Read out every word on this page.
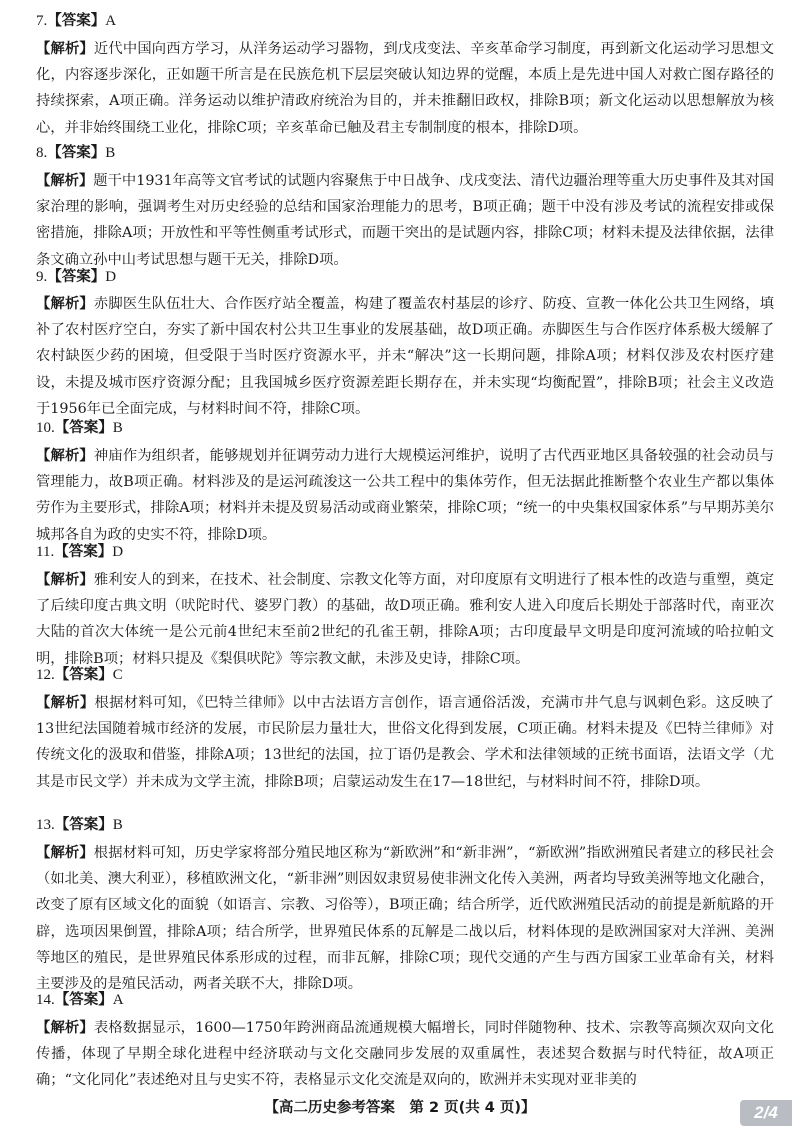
7.【答案】A
【解析】近代中国向西方学习，从洋务运动学习器物，到戊戌变法、辛亥革命学习制度，再到新文化运动学习思想文化，内容逐步深化，正如题干所言是在民族危机下层层突破认知边界的觉醒，本质上是先进中国人对救亡图存路径的持续探索，A项正确。洋务运动以维护清政府统治为目的，并未推翻旧政权，排除B项；新文化运动以思想解放为核心，并非始终围绕工业化，排除C项；辛亥革命已触及君主专制制度的根本，排除D项。
8.【答案】B
【解析】题干中1931年高等文官考试的试题内容聚焦于中日战争、戊戌变法、清代边疆治理等重大历史事件及其对国家治理的影响，强调考生对历史经验的总结和国家治理能力的思考，B项正确；题干中没有涉及考试的流程安排或保密措施，排除A项；开放性和平等性侧重考试形式，而题干突出的是试题内容，排除C项；材料未提及法律依据，法律条文确立孙中山考试思想与题干无关，排除D项。
9.【答案】D
【解析】赤脚医生队伍壮大、合作医疗站全覆盖，构建了覆盖农村基层的诊疗、防疫、宣教一体化公共卫生网络，填补了农村医疗空白，夯实了新中国农村公共卫生事业的发展基础，故D项正确。赤脚医生与合作医疗体系极大缓解了农村缺医少药的困境，但受限于当时医疗资源水平，并未“解决”这一长期问题，排除A项；材料仅涉及农村医疗建设，未提及城市医疗资源分配；且我国城乡医疗资源差距长期存在，并未实现“均衡配置”，排除B项；社会主义改造于1956年已全面完成，与材料时间不符，排除C项。
10.【答案】B
【解析】神庙作为组织者，能够规划并征调劳动力进行大规模运河维护，说明了古代西亚地区具备较强的社会动员与管理能力，故B项正确。材料涉及的是运河疏浚这一公共工程中的集体劳作，但无法据此推断整个农业生产都以集体劳作为主要形式，排除A项；材料并未提及贸易活动或商业繁荣，排除C项；“统一的中央集权国家体系”与早期苏美尔城邦各自为政的史实不符，排除D项。
11.【答案】D
【解析】雅利安人的到来，在技术、社会制度、宗教文化等方面，对印度原有文明进行了根本性的改造与重塑，奠定了后续印度古典文明（吠陀时代、婆罗门教）的基础，故D项正确。雅利安人进入印度后长期处于部落时代，南亚次大陆的首次大体统一是公元前4世纪末至前2世纪的孔雀王朝，排除A项；古印度最早文明是印度河流域的哈拉帕文明，排除B项；材料只提及《梨俱吠陀》等宗教文献，未涉及史诗，排除C项。
12.【答案】C
【解析】根据材料可知，《巴特兰律师》以中古法语方言创作，语言通俗活泼，充满市井气息与讽刺色彩。这反映了13世纪法国随着城市经济的发展，市民阶层力量壮大，世俗文化得到发展，C项正确。材料未提及《巴特兰律师》对传统文化的汲取和借鉴，排除A项；13世纪的法国，拉丁语仍是教会、学术和法律领域的正统书面语，法语文学（尤其是市民文学）并未成为文学主流，排除B项；启蒙运动发生在17—18世纪，与材料时间不符，排除D项。
13.【答案】B
【解析】根据材料可知，历史学家将部分殖民地区称为“新欧洲”和“新非洲”，“新欧洲”指欧洲殖民者建立的移民社会（如北美、澳大利亚），移植欧洲文化，“新非洲”则因奴隶贸易使非洲文化传入美洲，两者均导致美洲等地文化融合，改变了原有区域文化的面貌（如语言、宗教、习俗等），B项正确；结合所学，近代欧洲殖民活动的前提是新航路的开辟，选项因果倒置，排除A项；结合所学，世界殖民体系的瓦解是二战以后，材料体现的是欧洲国家对大洋洲、美洲等地区的殖民，是世界殖民体系形成的过程，而非瓦解，排除C项；现代交通的产生与西方国家工业革命有关，材料主要涉及的是殖民活动，两者关联不大，排除D项。
14.【答案】A
【解析】表格数据显示，1600—1750年跨洲商品流通规模大幅增长，同时伴随物种、技术、宗教等高频次双向文化传播，体现了早期全球化进程中经济联动与文化交融同步发展的双重属性，表述契合数据与时代特征，故A项正确；“文化同化”表述绝对且与史实不符，表格显示文化交流是双向的，欧洲并未实现对亚非美的
【高二历史参考答案　第 2 页(共 4 页)】	2/4
